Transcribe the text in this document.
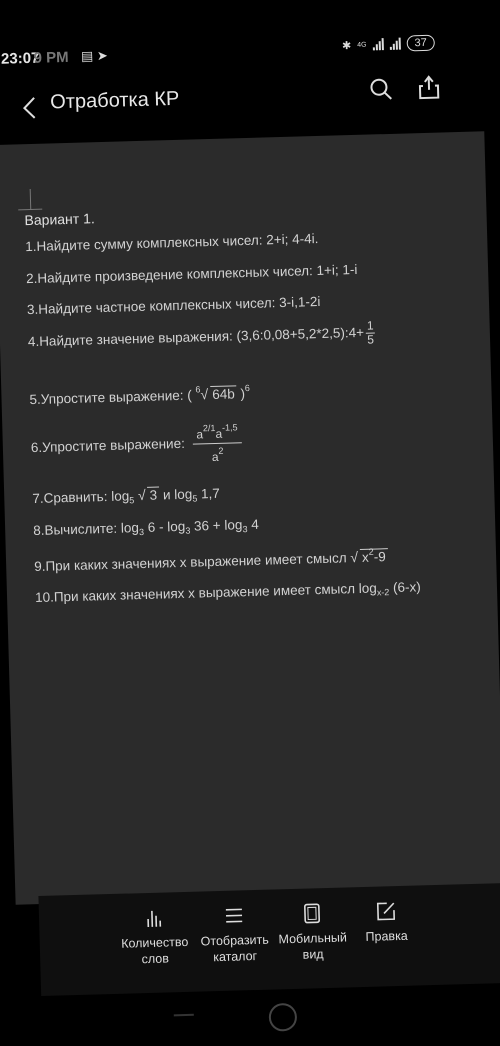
23:07 9 PM ▤ ➤
✱ 4G	37
Отработка КР
Вариант 1.
1.Найдите сумму комплексных чисел: 2+i; 4-4i.
2.Найдите произведение комплексных чисел: 1+i; 1-i
3.Найдите частное комплексных чисел: 3-i,1-2i
4.Найдите значение выражения: (3,6:0,08+5,2*2,5):4+ $\frac{1}{5}$
5.Упростите выражение: ( $^6$√ 64b )$^6$
6.Упростите выражение: $\frac{a^{2/1}a^{-1,5}}{a^2}$
7.Сравнить: $\log_5$ √ 3 и $\log_5 1,7$
8.Вычислите: $\log_3 6 - \log_3 36 + \log_3 4$
9.При каких значениях x выражение имеет смысл √ $x^2-9$
10.При каких значениях x выражение имеет смысл $\log_{x-2} (6-x)$
Количество
слов
Отобразить
каталог
Мобильный
вид
Правка
